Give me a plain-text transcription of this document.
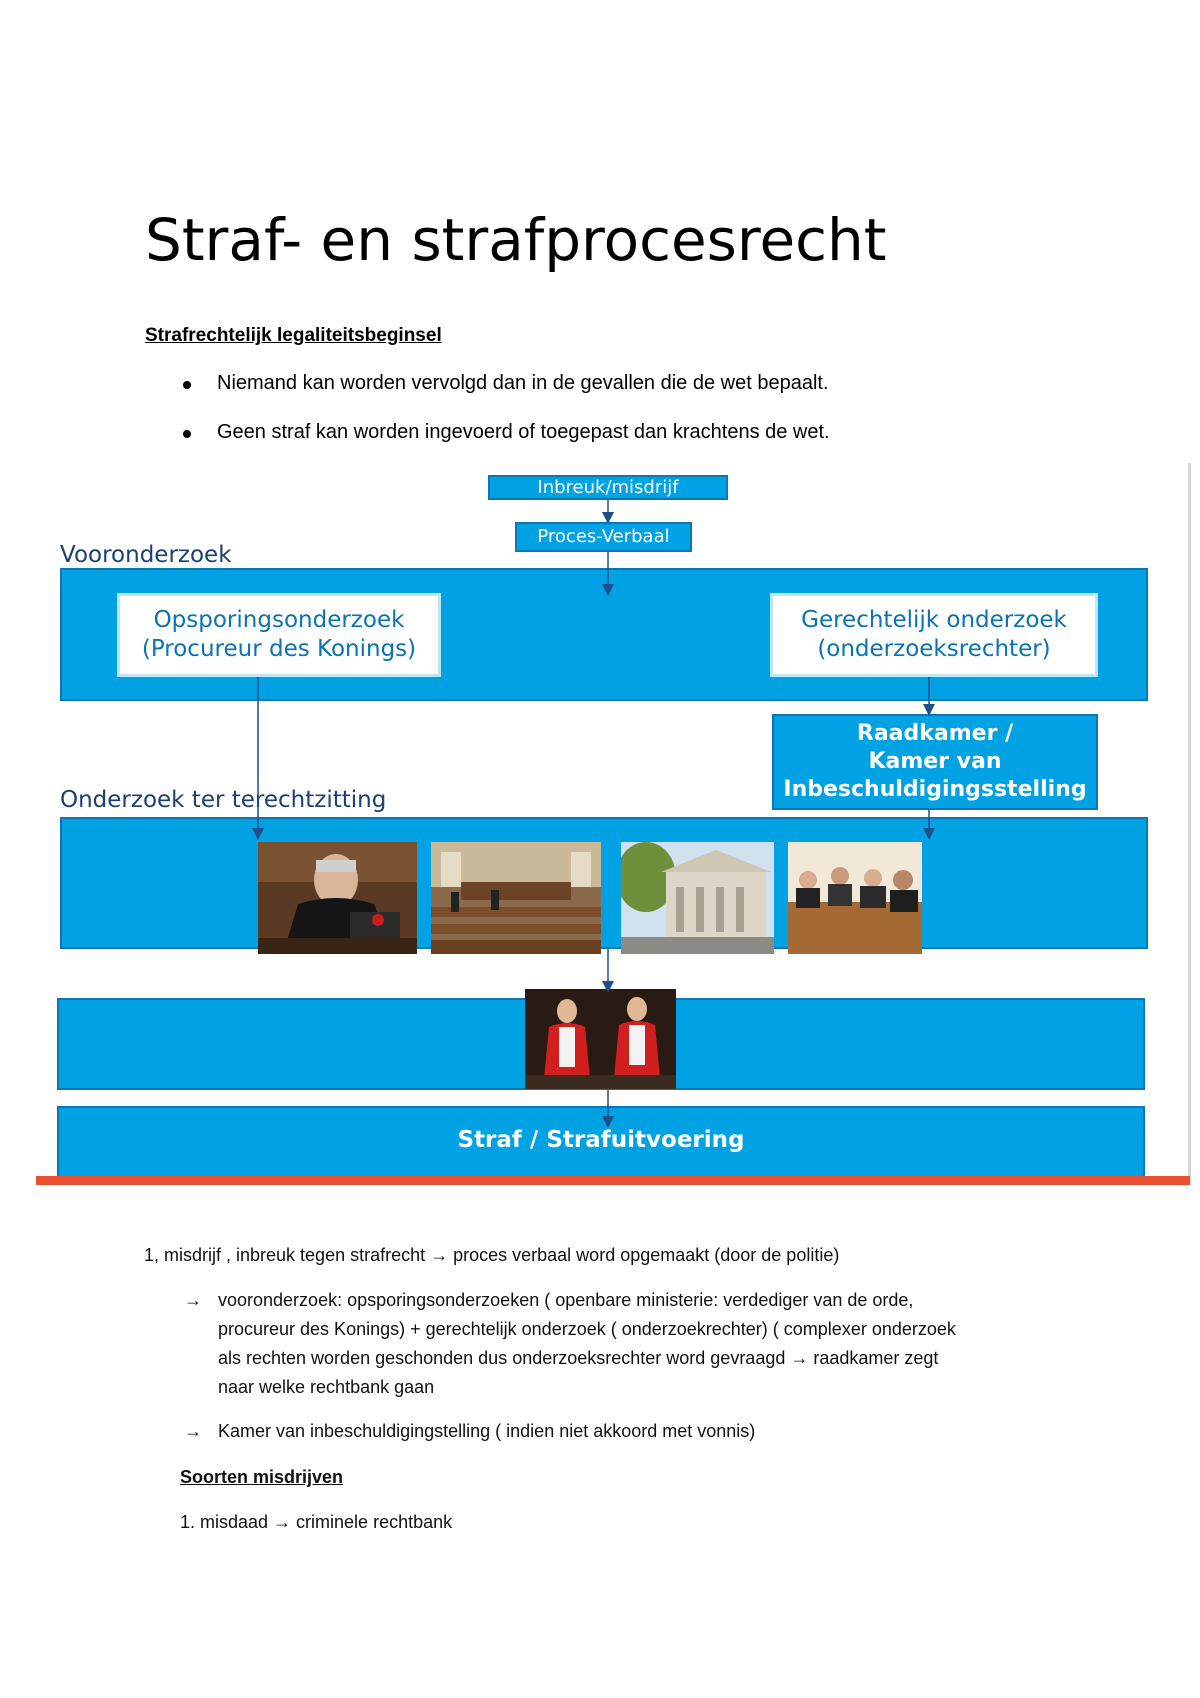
Straf- en strafprocesrecht
Strafrechtelijk legaliteitsbeginsel
Niemand kan worden vervolgd dan in de gevallen die de wet bepaalt.
Geen straf kan worden ingevoerd of toegepast dan krachtens de wet.
Inbreuk/misdrijf
Proces-Verbaal
Vooronderzoek
Opsporingsonderzoek
(Procureur des Konings)
Gerechtelijk onderzoek
(onderzoeksrechter)
Raadkamer /
Kamer van
Inbeschuldigingsstelling
Onderzoek ter terechtzitting
Straf / Strafuitvoering
1, misdrijf , inbreuk tegen strafrecht → proces verbaal word opgemaakt (door de politie)
→ vooronderzoek: opsporingsonderzoeken ( openbare ministerie: verdediger van de orde,
procureur des Konings) + gerechtelijk onderzoek ( onderzoekrechter) ( complexer onderzoek
als rechten worden geschonden dus onderzoeksrechter word gevraagd → raadkamer zegt
naar welke rechtbank gaan
→ Kamer van inbeschuldigingstelling ( indien niet akkoord met vonnis)
Soorten misdrijven
1. misdaad → criminele rechtbank
